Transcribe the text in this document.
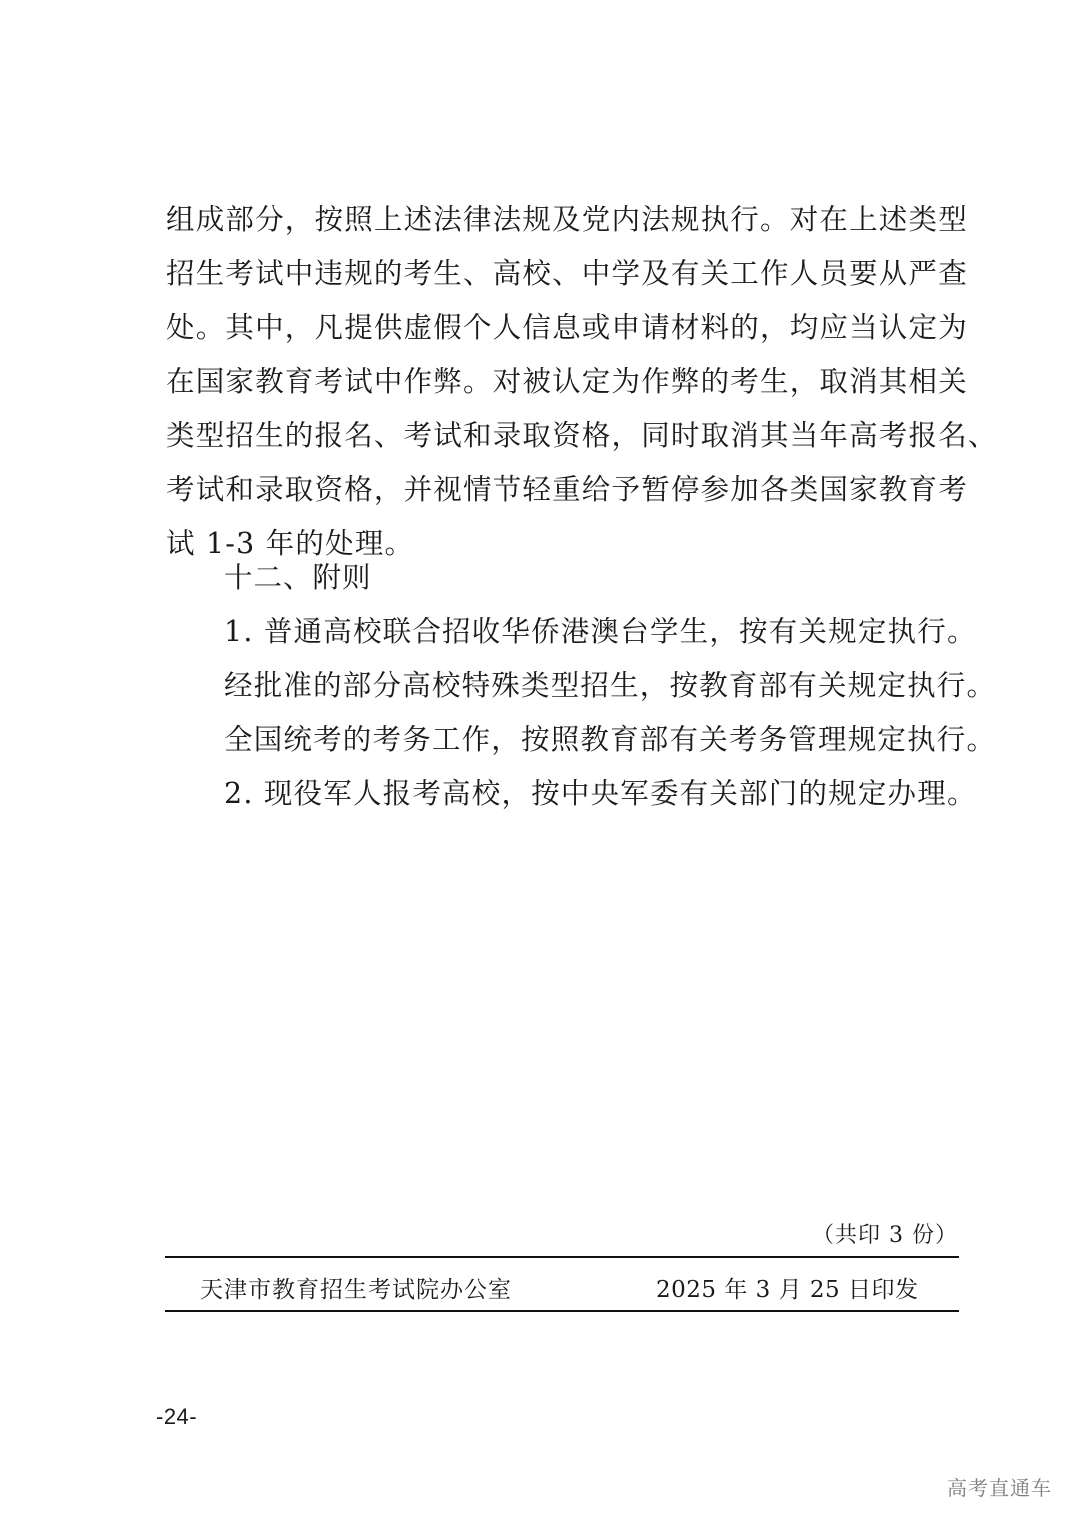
组成部分，按照上述法律法规及党内法规执行。对在上述类型
招生考试中违规的考生、高校、中学及有关工作人员要从严查
处。其中，凡提供虚假个人信息或申请材料的，均应当认定为
在国家教育考试中作弊。对被认定为作弊的考生，取消其相关
类型招生的报名、考试和录取资格，同时取消其当年高考报名、
考试和录取资格，并视情节轻重给予暂停参加各类国家教育考
试 1-3 年的处理。
十二、附则
1. 普通高校联合招收华侨港澳台学生，按有关规定执行。
经批准的部分高校特殊类型招生，按教育部有关规定执行。
全国统考的考务工作，按照教育部有关考务管理规定执行。
2. 现役军人报考高校，按中央军委有关部门的规定办理。
（共印 3 份）
天津市教育招生考试院办公室	2025 年 3 月 25 日印发
-24-
高考直通车
